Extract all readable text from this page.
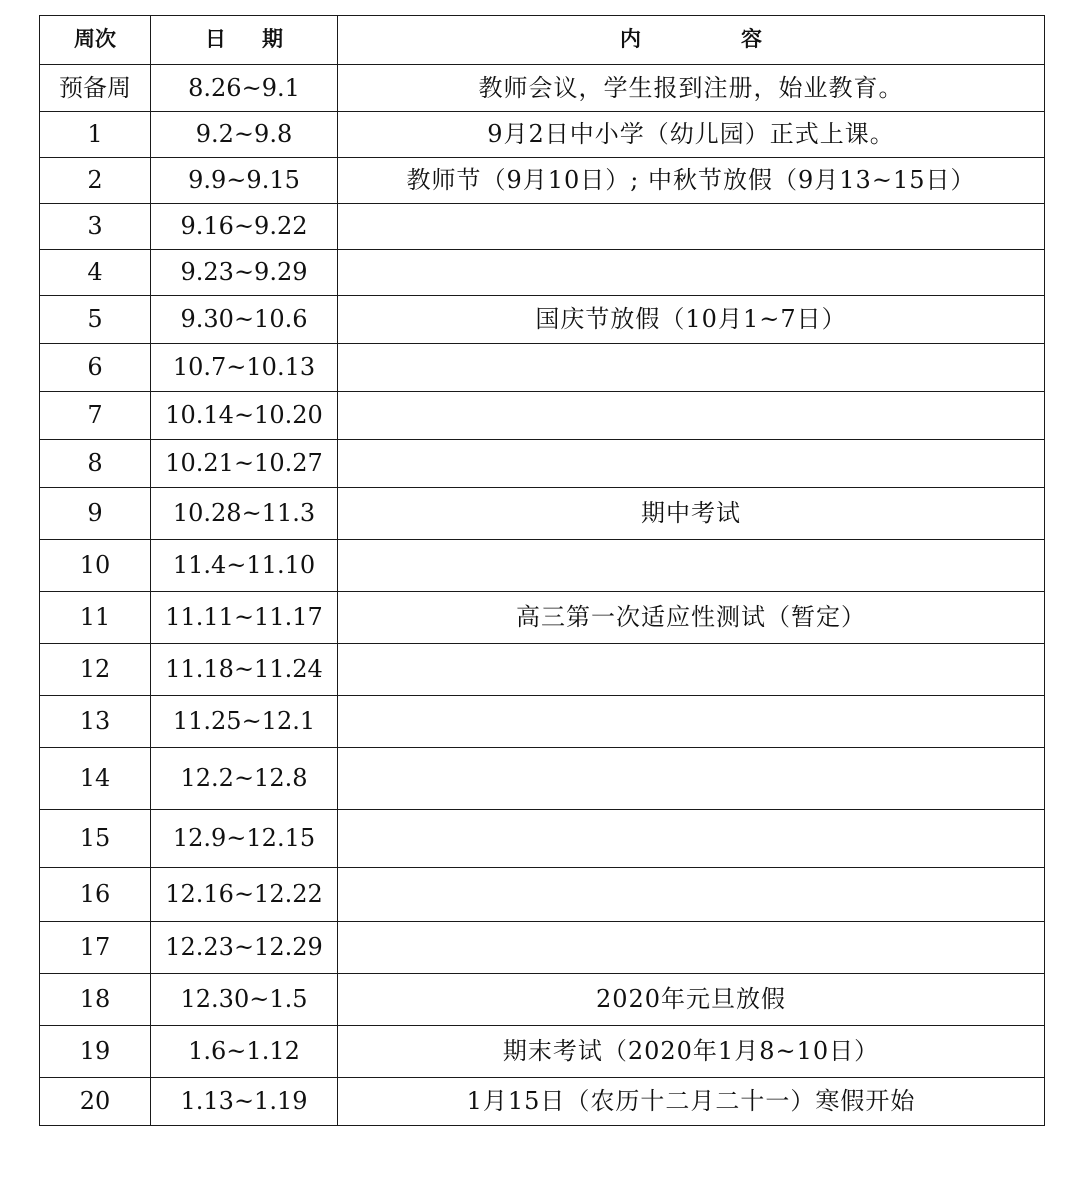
周次	日期	内容
预备周	8.26~9.1	教师会议，学生报到注册，始业教育。
1	9.2~9.8	9月2日中小学（幼儿园）正式上课。
2	9.9~9.15	教师节（9月10日）; 中秋节放假（9月13~15日）
3	9.16~9.22	
4	9.23~9.29	
5	9.30~10.6	国庆节放假（10月1~7日）
6	10.7~10.13	
7	10.14~10.20	
8	10.21~10.27	
9	10.28~11.3	期中考试
10	11.4~11.10	
11	11.11~11.17	高三第一次适应性测试（暂定）
12	11.18~11.24	
13	11.25~12.1	
14	12.2~12.8	
15	12.9~12.15	
16	12.16~12.22	
17	12.23~12.29	
18	12.30~1.5	2020年元旦放假
19	1.6~1.12	期末考试（2020年1月8~10日）
20	1.13~1.19	1月15日（农历十二月二十一）寒假开始
